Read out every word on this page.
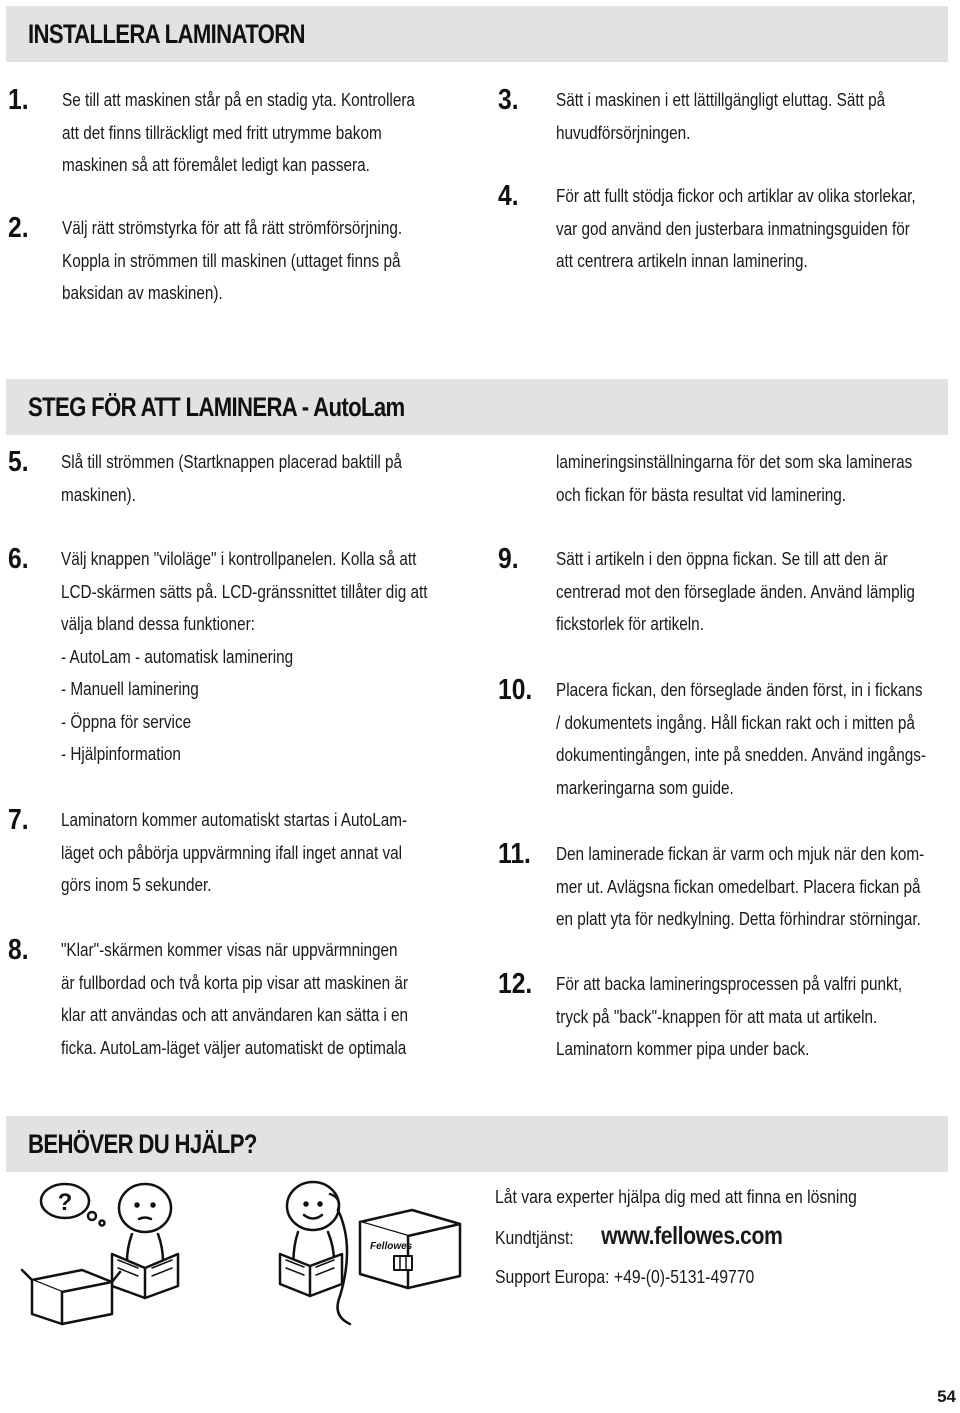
INSTALLERA LAMINATORN
1. Se till att maskinen står på en stadig yta. Kontrollera
att det finns tillräckligt med fritt utrymme bakom
maskinen så att föremålet ledigt kan passera.
2. Välj rätt strömstyrka för att få rätt strömförsörjning.
Koppla in strömmen till maskinen (uttaget finns på
baksidan av maskinen).
3. Sätt i maskinen i ett lättillgängligt eluttag. Sätt på
huvudförsörjningen.
4. För att fullt stödja fickor och artiklar av olika storlekar,
var god använd den justerbara inmatningsguiden för
att centrera artikeln innan laminering.
STEG FÖR ATT LAMINERA - AutoLam
5. Slå till strömmen (Startknappen placerad baktill på
maskinen).
6. Välj knappen "viloläge" i kontrollpanelen. Kolla så att
LCD-skärmen sätts på. LCD-gränssnittet tillåter dig att
välja bland dessa funktioner:
- AutoLam - automatisk laminering
- Manuell laminering
- Öppna för service
- Hjälpinformation
7. Laminatorn kommer automatiskt startas i AutoLam-
läget och påbörja uppvärmning ifall inget annat val
görs inom 5 sekunder.
8. "Klar"-skärmen kommer visas när uppvärmningen
är fullbordad och två korta pip visar att maskinen är
klar att användas och att användaren kan sätta i en
ficka. AutoLam-läget väljer automatiskt de optimala
lamineringsinställningarna för det som ska lamineras
och fickan för bästa resultat vid laminering.
9. Sätt i artikeln i den öppna fickan. Se till att den är
centrerad mot den förseglade änden. Använd lämplig
fickstorlek för artikeln.
10. Placera fickan, den förseglade änden först, in i fickans
/ dokumentets ingång. Håll fickan rakt och i mitten på
dokumentingången, inte på snedden. Använd ingångs-
markeringarna som guide.
11. Den laminerade fickan är varm och mjuk när den kom-
mer ut. Avlägsna fickan omedelbart. Placera fickan på
en platt yta för nedkylning. Detta förhindrar störningar.
12. För att backa lamineringsprocessen på valfri punkt,
tryck på "back"-knappen för att mata ut artikeln.
Laminatorn kommer pipa under back.
BEHÖVER DU HJÄLP?
?
Fellowes
Låt vara experter hjälpa dig med att finna en lösning
Kundtjänst: www.fellowes.com
Support Europa: +49-(0)-5131-49770
54
